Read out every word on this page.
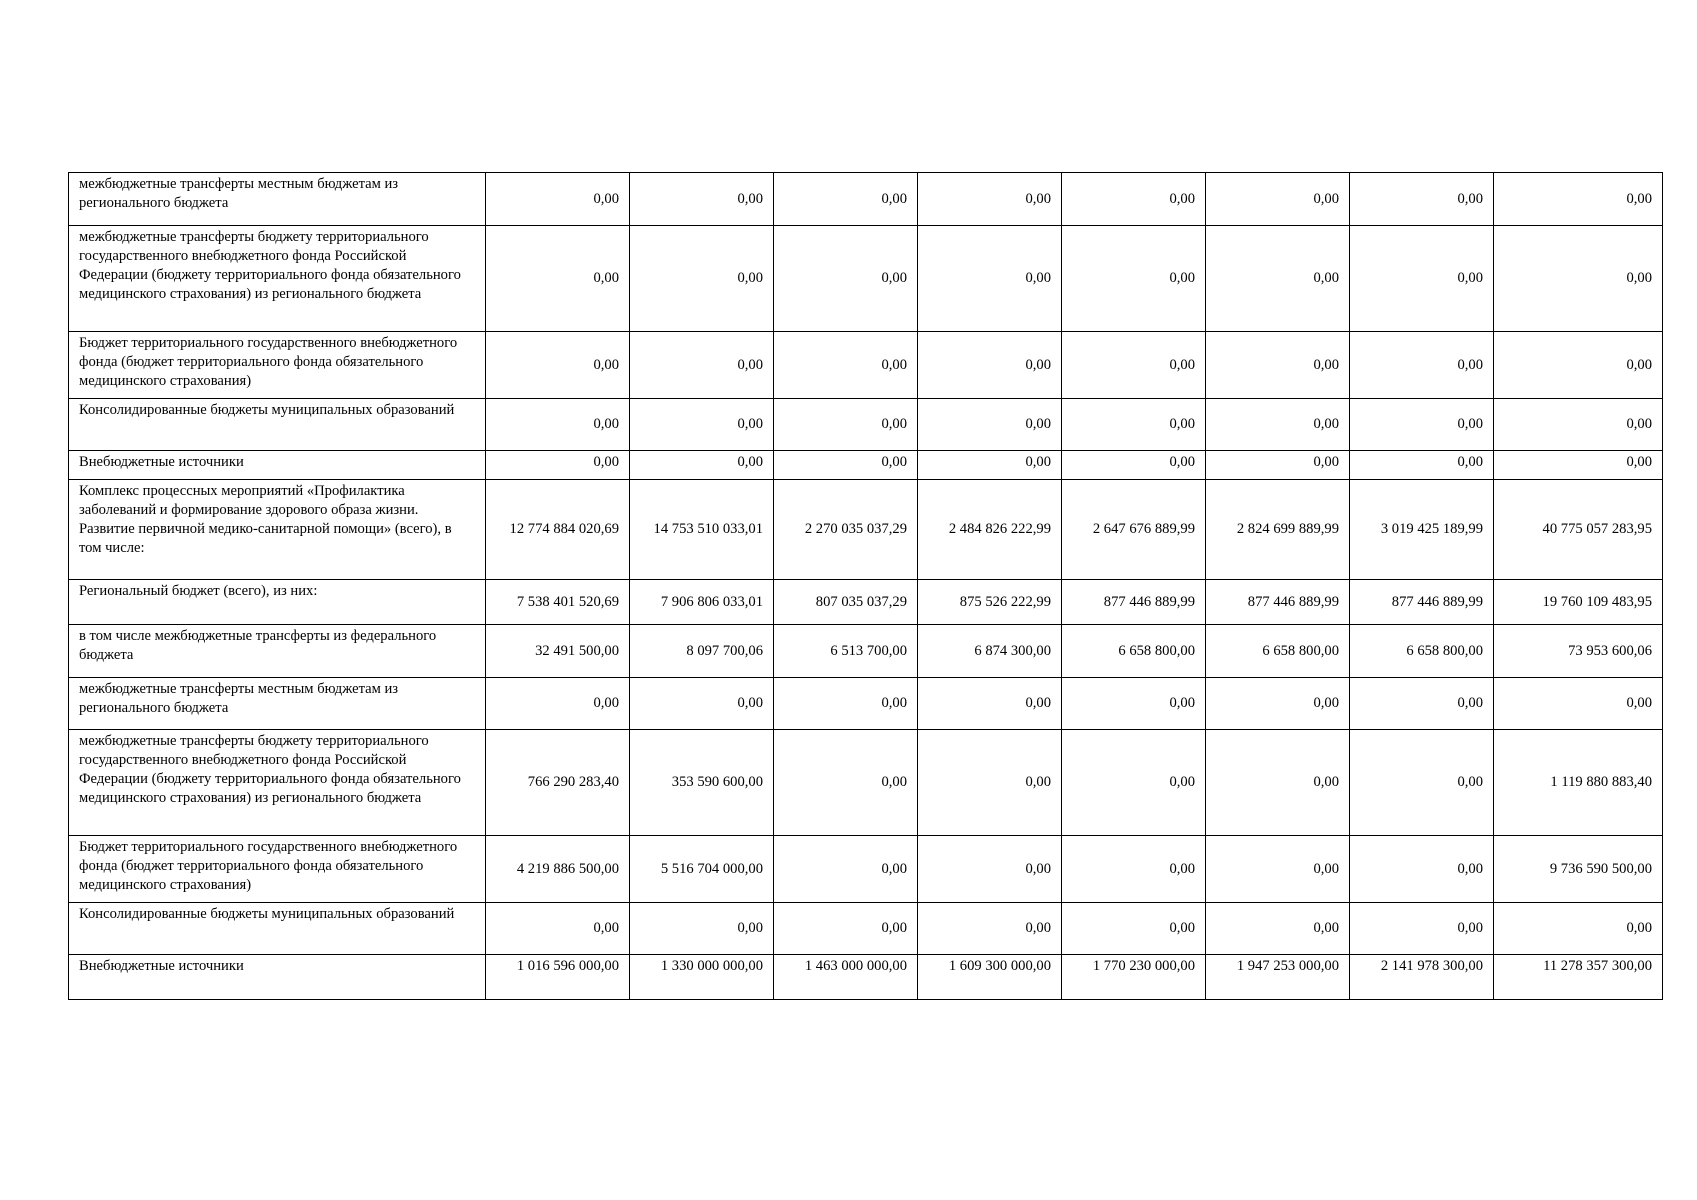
межбюджетные трансферты местным бюджетам из регионального бюджета	0,00	0,00	0,00	0,00	0,00	0,00	0,00	0,00
межбюджетные трансферты бюджету территориального государственного внебюджетного фонда Российской Федерации (бюджету территориального фонда обязательного медицинского страхования) из регионального бюджета	0,00	0,00	0,00	0,00	0,00	0,00	0,00	0,00
Бюджет территориального государственного внебюджетного фонда (бюджет территориального фонда обязательного медицинского страхования)	0,00	0,00	0,00	0,00	0,00	0,00	0,00	0,00
Консолидированные бюджеты муниципальных образований	0,00	0,00	0,00	0,00	0,00	0,00	0,00	0,00
Внебюджетные источники	0,00	0,00	0,00	0,00	0,00	0,00	0,00	0,00
Комплекс процессных мероприятий «Профилактика заболеваний и формирование здорового образа жизни. Развитие первичной медико-санитарной помощи» (всего), в том числе:	12 774 884 020,69	14 753 510 033,01	2 270 035 037,29	2 484 826 222,99	2 647 676 889,99	2 824 699 889,99	3 019 425 189,99	40 775 057 283,95
Региональный бюджет (всего), из них:	7 538 401 520,69	7 906 806 033,01	807 035 037,29	875 526 222,99	877 446 889,99	877 446 889,99	877 446 889,99	19 760 109 483,95
в том числе межбюджетные трансферты из федерального бюджета	32 491 500,00	8 097 700,06	6 513 700,00	6 874 300,00	6 658 800,00	6 658 800,00	6 658 800,00	73 953 600,06
межбюджетные трансферты местным бюджетам из регионального бюджета	0,00	0,00	0,00	0,00	0,00	0,00	0,00	0,00
межбюджетные трансферты бюджету территориального государственного внебюджетного фонда Российской Федерации (бюджету территориального фонда обязательного медицинского страхования) из регионального бюджета	766 290 283,40	353 590 600,00	0,00	0,00	0,00	0,00	0,00	1 119 880 883,40
Бюджет территориального государственного внебюджетного фонда (бюджет территориального фонда обязательного медицинского страхования)	4 219 886 500,00	5 516 704 000,00	0,00	0,00	0,00	0,00	0,00	9 736 590 500,00
Консолидированные бюджеты муниципальных образований	0,00	0,00	0,00	0,00	0,00	0,00	0,00	0,00
Внебюджетные источники	1 016 596 000,00	1 330 000 000,00	1 463 000 000,00	1 609 300 000,00	1 770 230 000,00	1 947 253 000,00	2 141 978 300,00	11 278 357 300,00
